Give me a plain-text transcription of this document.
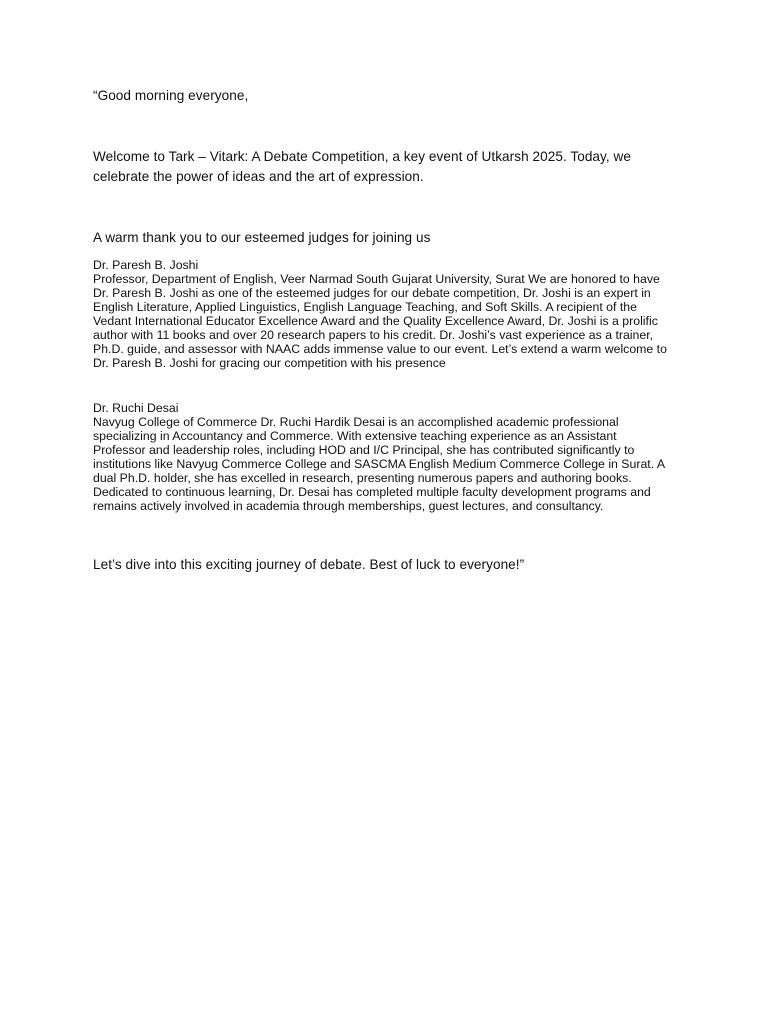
“Good morning everyone,

Welcome to Tark – Vitark: A Debate Competition, a key event of Utkarsh 2025. Today, we celebrate the power of ideas and the art of expression.

A warm thank you to our esteemed judges for joining us

Dr. Paresh B. Joshi

Professor, Department of English, Veer Narmad South Gujarat University, Surat We are honored to have Dr. Paresh B. Joshi as one of the esteemed judges for our debate competition, Dr. Joshi is an expert in English Literature, Applied Linguistics, English Language Teaching, and Soft Skills. A recipient of the Vedant International Educator Excellence Award and the Quality Excellence Award, Dr. Joshi is a prolific author with 11 books and over 20 research papers to his credit. Dr. Joshi’s vast experience as a trainer, Ph.D. guide, and assessor with NAAC adds immense value to our event. Let’s extend a warm welcome to Dr. Paresh B. Joshi for gracing our competition with his presence

Dr. Ruchi Desai

Navyug College of Commerce Dr. Ruchi Hardik Desai is an accomplished academic professional specializing in Accountancy and Commerce. With extensive teaching experience as an Assistant Professor and leadership roles, including HOD and I/C Principal, she has contributed significantly to institutions like Navyug Commerce College and SASCMA English Medium Commerce College in Surat. A dual Ph.D. holder, she has excelled in research, presenting numerous papers and authoring books. Dedicated to continuous learning, Dr. Desai has completed multiple faculty development programs and remains actively involved in academia through memberships, guest lectures, and consultancy.

Let’s dive into this exciting journey of debate. Best of luck to everyone!”
